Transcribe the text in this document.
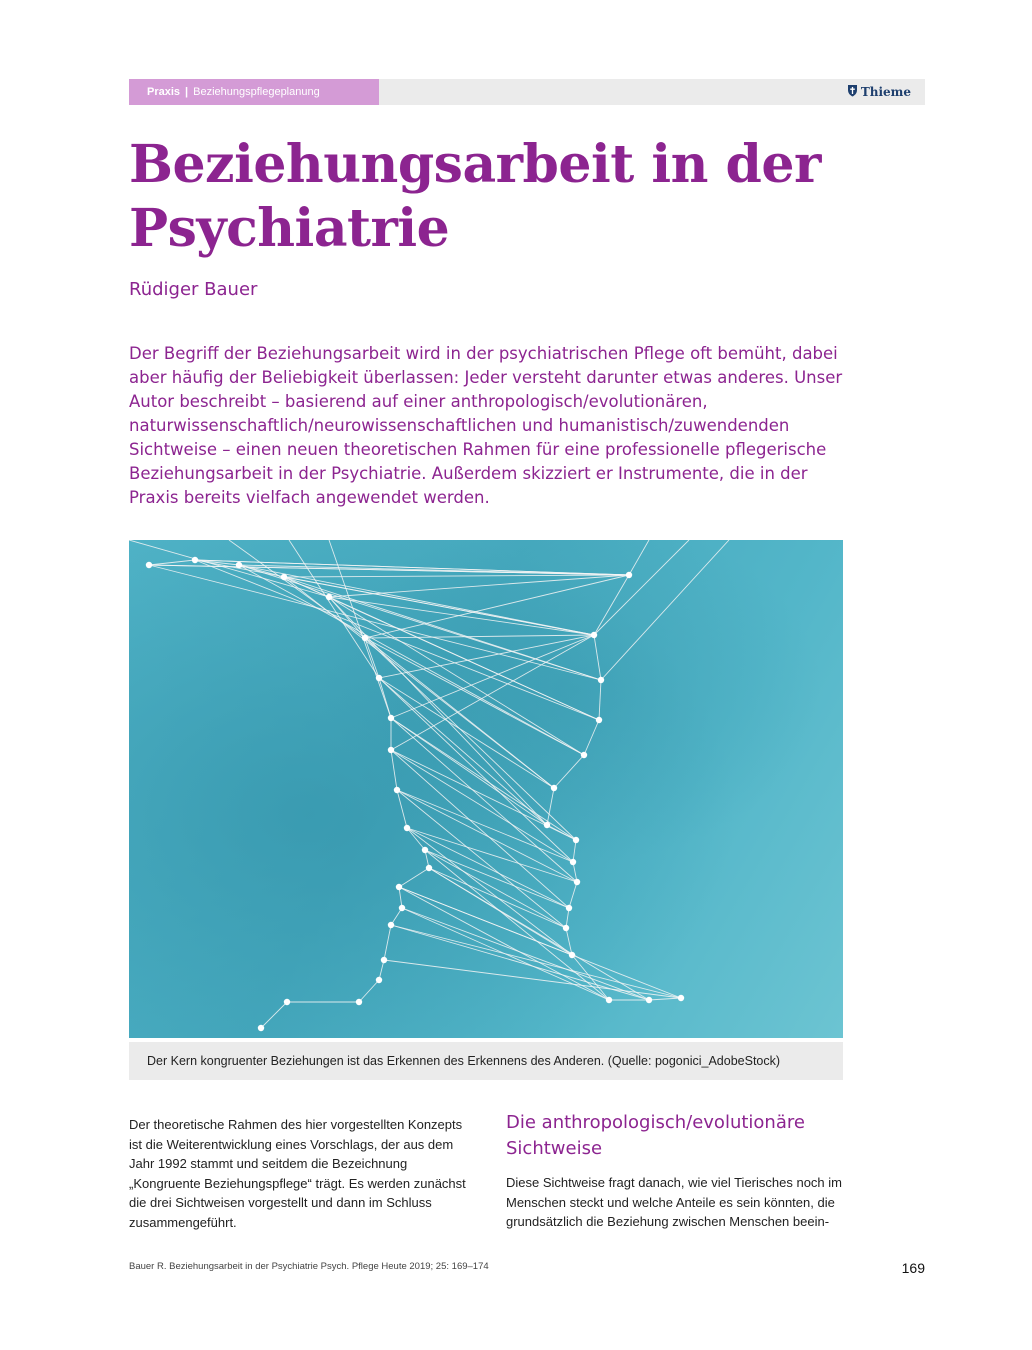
Praxis | Beziehungspflegeplanung	Thieme
Beziehungsarbeit in der Psychiatrie

Rüdiger Bauer

Der Begriff der Beziehungsarbeit wird in der psychiatrischen Pflege oft bemüht, dabei aber häufig der Beliebigkeit überlassen: Jeder versteht darunter etwas anderes. Unser Autor beschreibt – basierend auf einer anthropologisch/evolutionären, naturwissenschaftlich/neurowissenschaftlichen und humanistisch/zuwendenden Sichtweise – einen neuen theoretischen Rahmen für eine professionelle pflegerische Beziehungsarbeit in der Psychiatrie. Außerdem skizziert er Instrumente, die in der Praxis bereits vielfach angewendet werden.

Der Kern kongruenter Beziehungen ist das Erkennen des Erkennens des Anderen. (Quelle: pogonici_AdobeStock)

Der theoretische Rahmen des hier vorgestellten Konzepts ist die Weiterentwicklung eines Vorschlags, der aus dem Jahr 1992 stammt und seitdem die Bezeichnung „Kongruente Beziehungspflege“ trägt. Es werden zunächst die drei Sichtweisen vorgestellt und dann im Schluss zusammengeführt.

Die anthropologisch/evolutionäre Sichtweise

Diese Sichtweise fragt danach, wie viel Tierisches noch im Menschen steckt und welche Anteile es sein könnten, die grundsätzlich die Beziehung zwischen Menschen beein-

Bauer R. Beziehungsarbeit in der Psychiatrie Psych. Pflege Heute 2019; 25: 169–174	169
